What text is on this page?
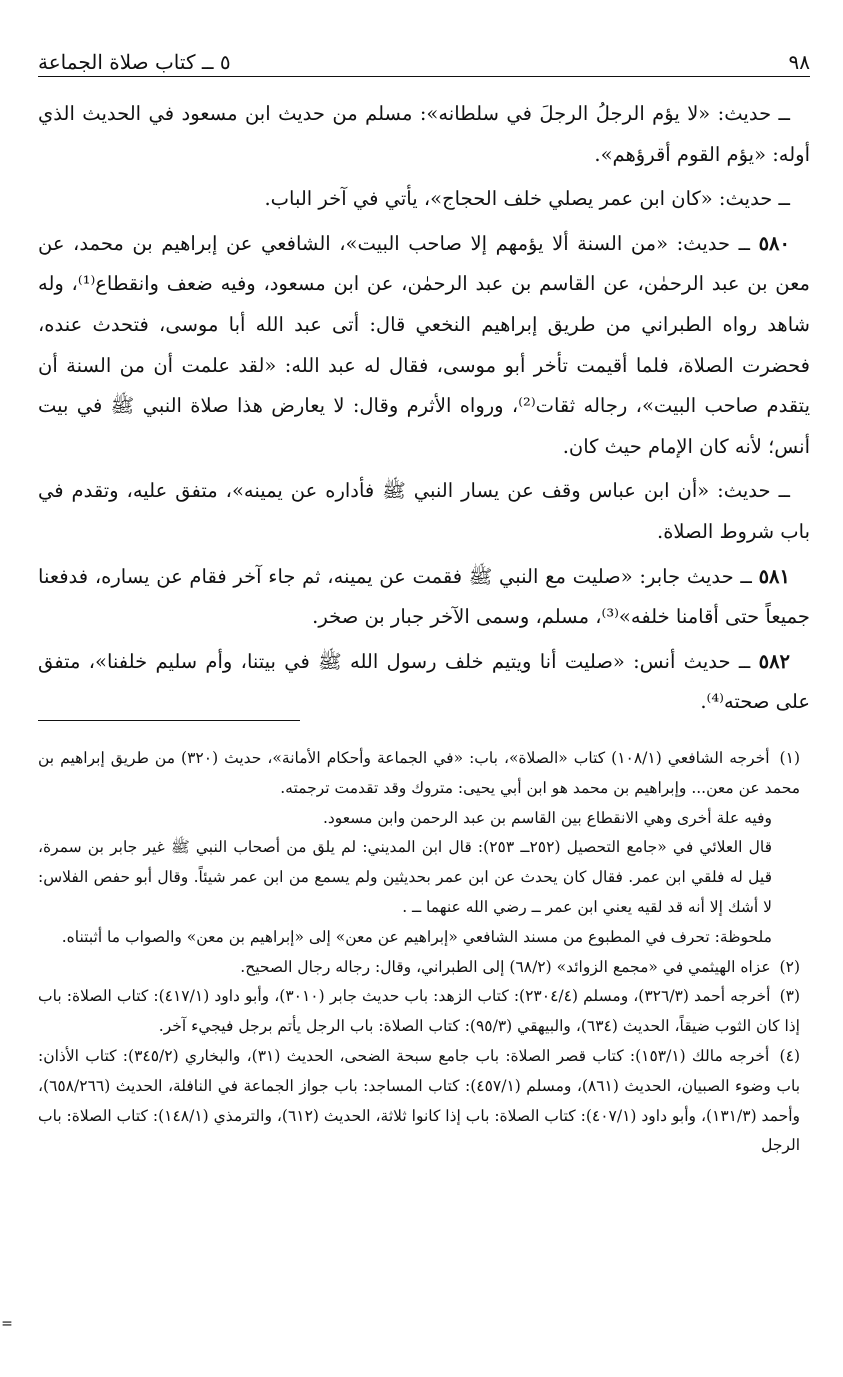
٩٨
٥ ــ كتاب صلاة الجماعة

ــ حديث: «لا يؤم الرجلُ الرجلَ في سلطانه»: مسلم من حديث ابن مسعود في الحديث الذي أوله: «يؤم القوم أقرؤهم».

ــ حديث: «كان ابن عمر يصلي خلف الحجاج»، يأتي في آخر الباب.

٥٨٠ ــ حديث: «من السنة ألا يؤمهم إلا صاحب البيت»، الشافعي عن إبراهيم بن محمد، عن معن بن عبد الرحمٰن، عن القاسم بن عبد الرحمٰن، عن ابن مسعود، وفيه ضعف وانقطاع⁽¹⁾، وله شاهد رواه الطبراني من طريق إبراهيم النخعي قال: أتى عبد الله أبا موسى، فتحدث عنده، فحضرت الصلاة، فلما أقيمت تأخر أبو موسى، فقال له عبد الله: «لقد علمت أن من السنة أن يتقدم صاحب البيت»، رجاله ثقات⁽²⁾، ورواه الأثرم وقال: لا يعارض هذا صلاة النبي ﷺ في بيت أنس؛ لأنه كان الإمام حيث كان.

ــ حديث: «أن ابن عباس وقف عن يسار النبي ﷺ فأداره عن يمينه»، متفق عليه، وتقدم في باب شروط الصلاة.

٥٨١ ــ حديث جابر: «صليت مع النبي ﷺ فقمت عن يمينه، ثم جاء آخر فقام عن يساره، فدفعنا جميعاً حتى أقامنا خلفه»⁽³⁾، مسلم، وسمى الآخر جبار بن صخر.

٥٨٢ ــ حديث أنس: «صليت أنا ويتيم خلف رسول الله ﷺ في بيتنا، وأم سليم خلفنا»، متفق على صحته⁽⁴⁾.

(١) أخرجه الشافعي (١٠٨/١) كتاب «الصلاة»، باب: «في الجماعة وأحكام الأمانة»، حديث (٣٢٠) من طريق إبراهيم بن محمد عن معن... وإبراهيم بن محمد هو ابن أبي يحيى: متروك وقد تقدمت ترجمته.

وفيه علة أخرى وهي الانقطاع بين القاسم بن عبد الرحمن وابن مسعود.

قال العلائي في «جامع التحصيل (٢٥٢ــ ٢٥٣): قال ابن المديني: لم يلق من أصحاب النبي ﷺ غير جابر بن سمرة، قيل له فلقي ابن عمر. فقال كان يحدث عن ابن عمر بحديثين ولم يسمع من ابن عمر شيئاً. وقال أبو حفص الفلاس: لا أشك إلا أنه قد لقيه يعني ابن عمر ــ رضي الله عنهما ــ .

ملحوظة: تحرف في المطبوع من مسند الشافعي «إبراهيم عن معن» إلى «إبراهيم بن معن» والصواب ما أثبتناه.

(٢) عزاه الهيثمي في «مجمع الزوائد» (٦٨/٢) إلى الطبراني، وقال: رجاله رجال الصحيح.

(٣) أخرجه أحمد (٣٢٦/٣)، ومسلم (٢٣٠٤/٤): كتاب الزهد: باب حديث جابر (٣٠١٠)، وأبو داود (٤١٧/١): كتاب الصلاة: باب إذا كان الثوب ضيقاً، الحديث (٦٣٤)، والبيهقي (٩٥/٣): كتاب الصلاة: باب الرجل يأتم برجل فيجيء آخر.

(٤) أخرجه مالك (١٥٣/١): كتاب قصر الصلاة: باب جامع سبحة الضحى، الحديث (٣١)، والبخاري (٣٤٥/٢): كتاب الأذان: باب وضوء الصبيان، الحديث (٨٦١)، ومسلم (٤٥٧/١): كتاب المساجد: باب جواز الجماعة في النافلة، الحديث (٦٥٨/٢٦٦)، وأحمد (١٣١/٣)، وأبو داود (٤٠٧/١): كتاب الصلاة: باب إذا كانوا ثلاثة، الحديث (٦١٢)، والترمذي (١٤٨/١): كتاب الصلاة: باب الرجل

=
